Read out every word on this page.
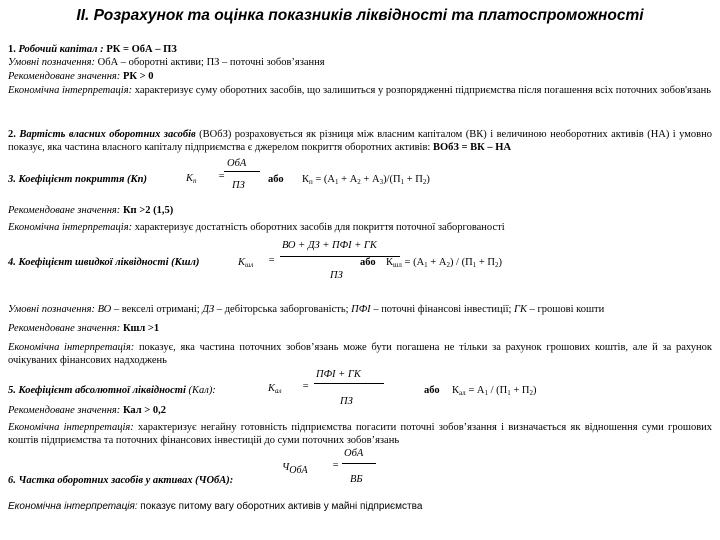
II. Розрахунок та оцінка показників ліквідності та платоспроможності
1. Робочий капітал : РК = ОбА – ПЗ
Умовні позначення: ОбА – оборотні активи; ПЗ – поточні зобов’язання
Рекомендоване значення: РК > 0
Економічна інтерпретація: характеризує суму оборотних засобів, що залишиться у розпорядженні підприємства після погашення всіх поточних зобов'язань
2. Вартість власних оборотних засобів (ВОбЗ) розраховується як різниця між власним капіталом (ВК) і величиною необоротних активів (НА) і умовно показує, яка частина власного капіталу підприємства є джерелом покриття оборотних активів: ВОбЗ = ВК – НА
3. Коефіцієнт покриття (Кп)	$К_п$ =
ОбА
ПЗ
або $К_п = (А_1 + А_2 + А_3)/(П_1 + П_2)$
Рекомендоване значення: Кп >2 (1,5)
Економічна інтерпретація: характеризує достатність оборотних засобів для покриття поточної заборгованості
4. Коефіцієнт швидкої ліквідності (Кшл)	$К_{шл}$ =
ВО + ДЗ + ПФІ + ГК
ПЗ
або $К_{шл} = (А_1 + А_2) / (П_1 + П_2)$
Умовні позначення: ВО – векселі отримані; ДЗ – дебіторська заборгованість; ПФІ – поточні фінансові інвестиції; ГК – грошові кошти
Рекомендоване значення: Кшл >1
Економічна інтерпретація: показує, яка частина поточних зобов’язань може бути погашена не тільки за рахунок грошових коштів, але й за рахунок очікуваних фінансових надходжень
5. Коефіцієнт абсолютної ліквідності (Кал):	$К_{ал}$ =
ПФІ + ГК
ПЗ
або $К_{ал} = А_1 / (П_1 + П_2)$
Рекомендоване значення: Кал > 0,2
Економічна інтерпретація: характеризує негайну готовність підприємства погасити поточні зобов’язання і визначається як відношення суми грошових коштів підприємства та поточних фінансових інвестицій до суми поточних зобов’язань
6. Частка оборотних засобів у активах (ЧОбА):
ЧОбА =
ОбА
ВБ
Економічна інтерпретація: показує питому вагу оборотних активів у майні підприємства
